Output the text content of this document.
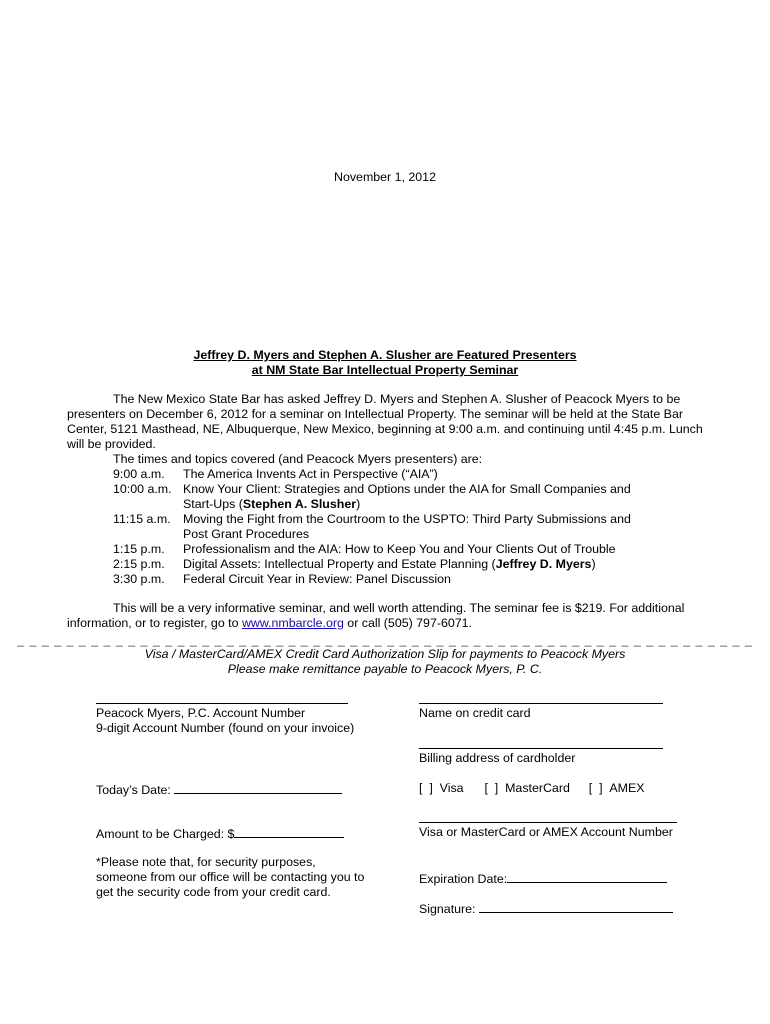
November 1, 2012
Jeffrey D. Myers and Stephen A. Slusher are Featured Presenters
at NM State Bar Intellectual Property Seminar
The New Mexico State Bar has asked Jeffrey D. Myers and Stephen A. Slusher of Peacock Myers to be presenters on December 6, 2012 for a seminar on Intellectual Property. The seminar will be held at the State Bar Center, 5121 Masthead, NE, Albuquerque, New Mexico, beginning at 9:00 a.m. and continuing until 4:45 p.m. Lunch will be provided.
The times and topics covered (and Peacock Myers presenters) are:
9:00 a.m.	The America Invents Act in Perspective (“AIA”)
10:00 a.m. Know Your Client: Strategies and Options under the AIA for Small Companies and
Start-Ups (Stephen A. Slusher)
11:15 a.m. Moving the Fight from the Courtroom to the USPTO: Third Party Submissions and
Post Grant Procedures
1:15 p.m.	Professionalism and the AIA: How to Keep You and Your Clients Out of Trouble
2:15 p.m.	Digital Assets: Intellectual Property and Estate Planning (Jeffrey D. Myers)
3:30 p.m.	Federal Circuit Year in Review: Panel Discussion
This will be a very informative seminar, and well worth attending. The seminar fee is $219. For additional information, or to register, go to www.nmbarcle.org or call (505) 797-6071.
_ _ _ _ _ _ _ _ _ _ _ _ _ _ _ _ _ _ _ _ _ _ _ _ _ _ _ _ _ _ _ _ _ _ _ _ _ _ _ _ _ _ _ _ _ _ _ _ _ _ _ _ _ _ _ _ _ _ _ _
Visa / MasterCard/AMEX Credit Card Authorization Slip for payments to Peacock Myers
Please make remittance payable to Peacock Myers, P. C.
Peacock Myers, P.C. Account Number
9-digit Account Number (found on your invoice)
Today’s Date:
Amount to be Charged: $
*Please note that, for security purposes,
someone from our office will be contacting you to
get the security code from your credit card.
Name on credit card
Billing address of cardholder
[  ]  Visa [  ]  MasterCard [  ]  AMEX
Visa or MasterCard or AMEX Account Number
Expiration Date:
Signature:
